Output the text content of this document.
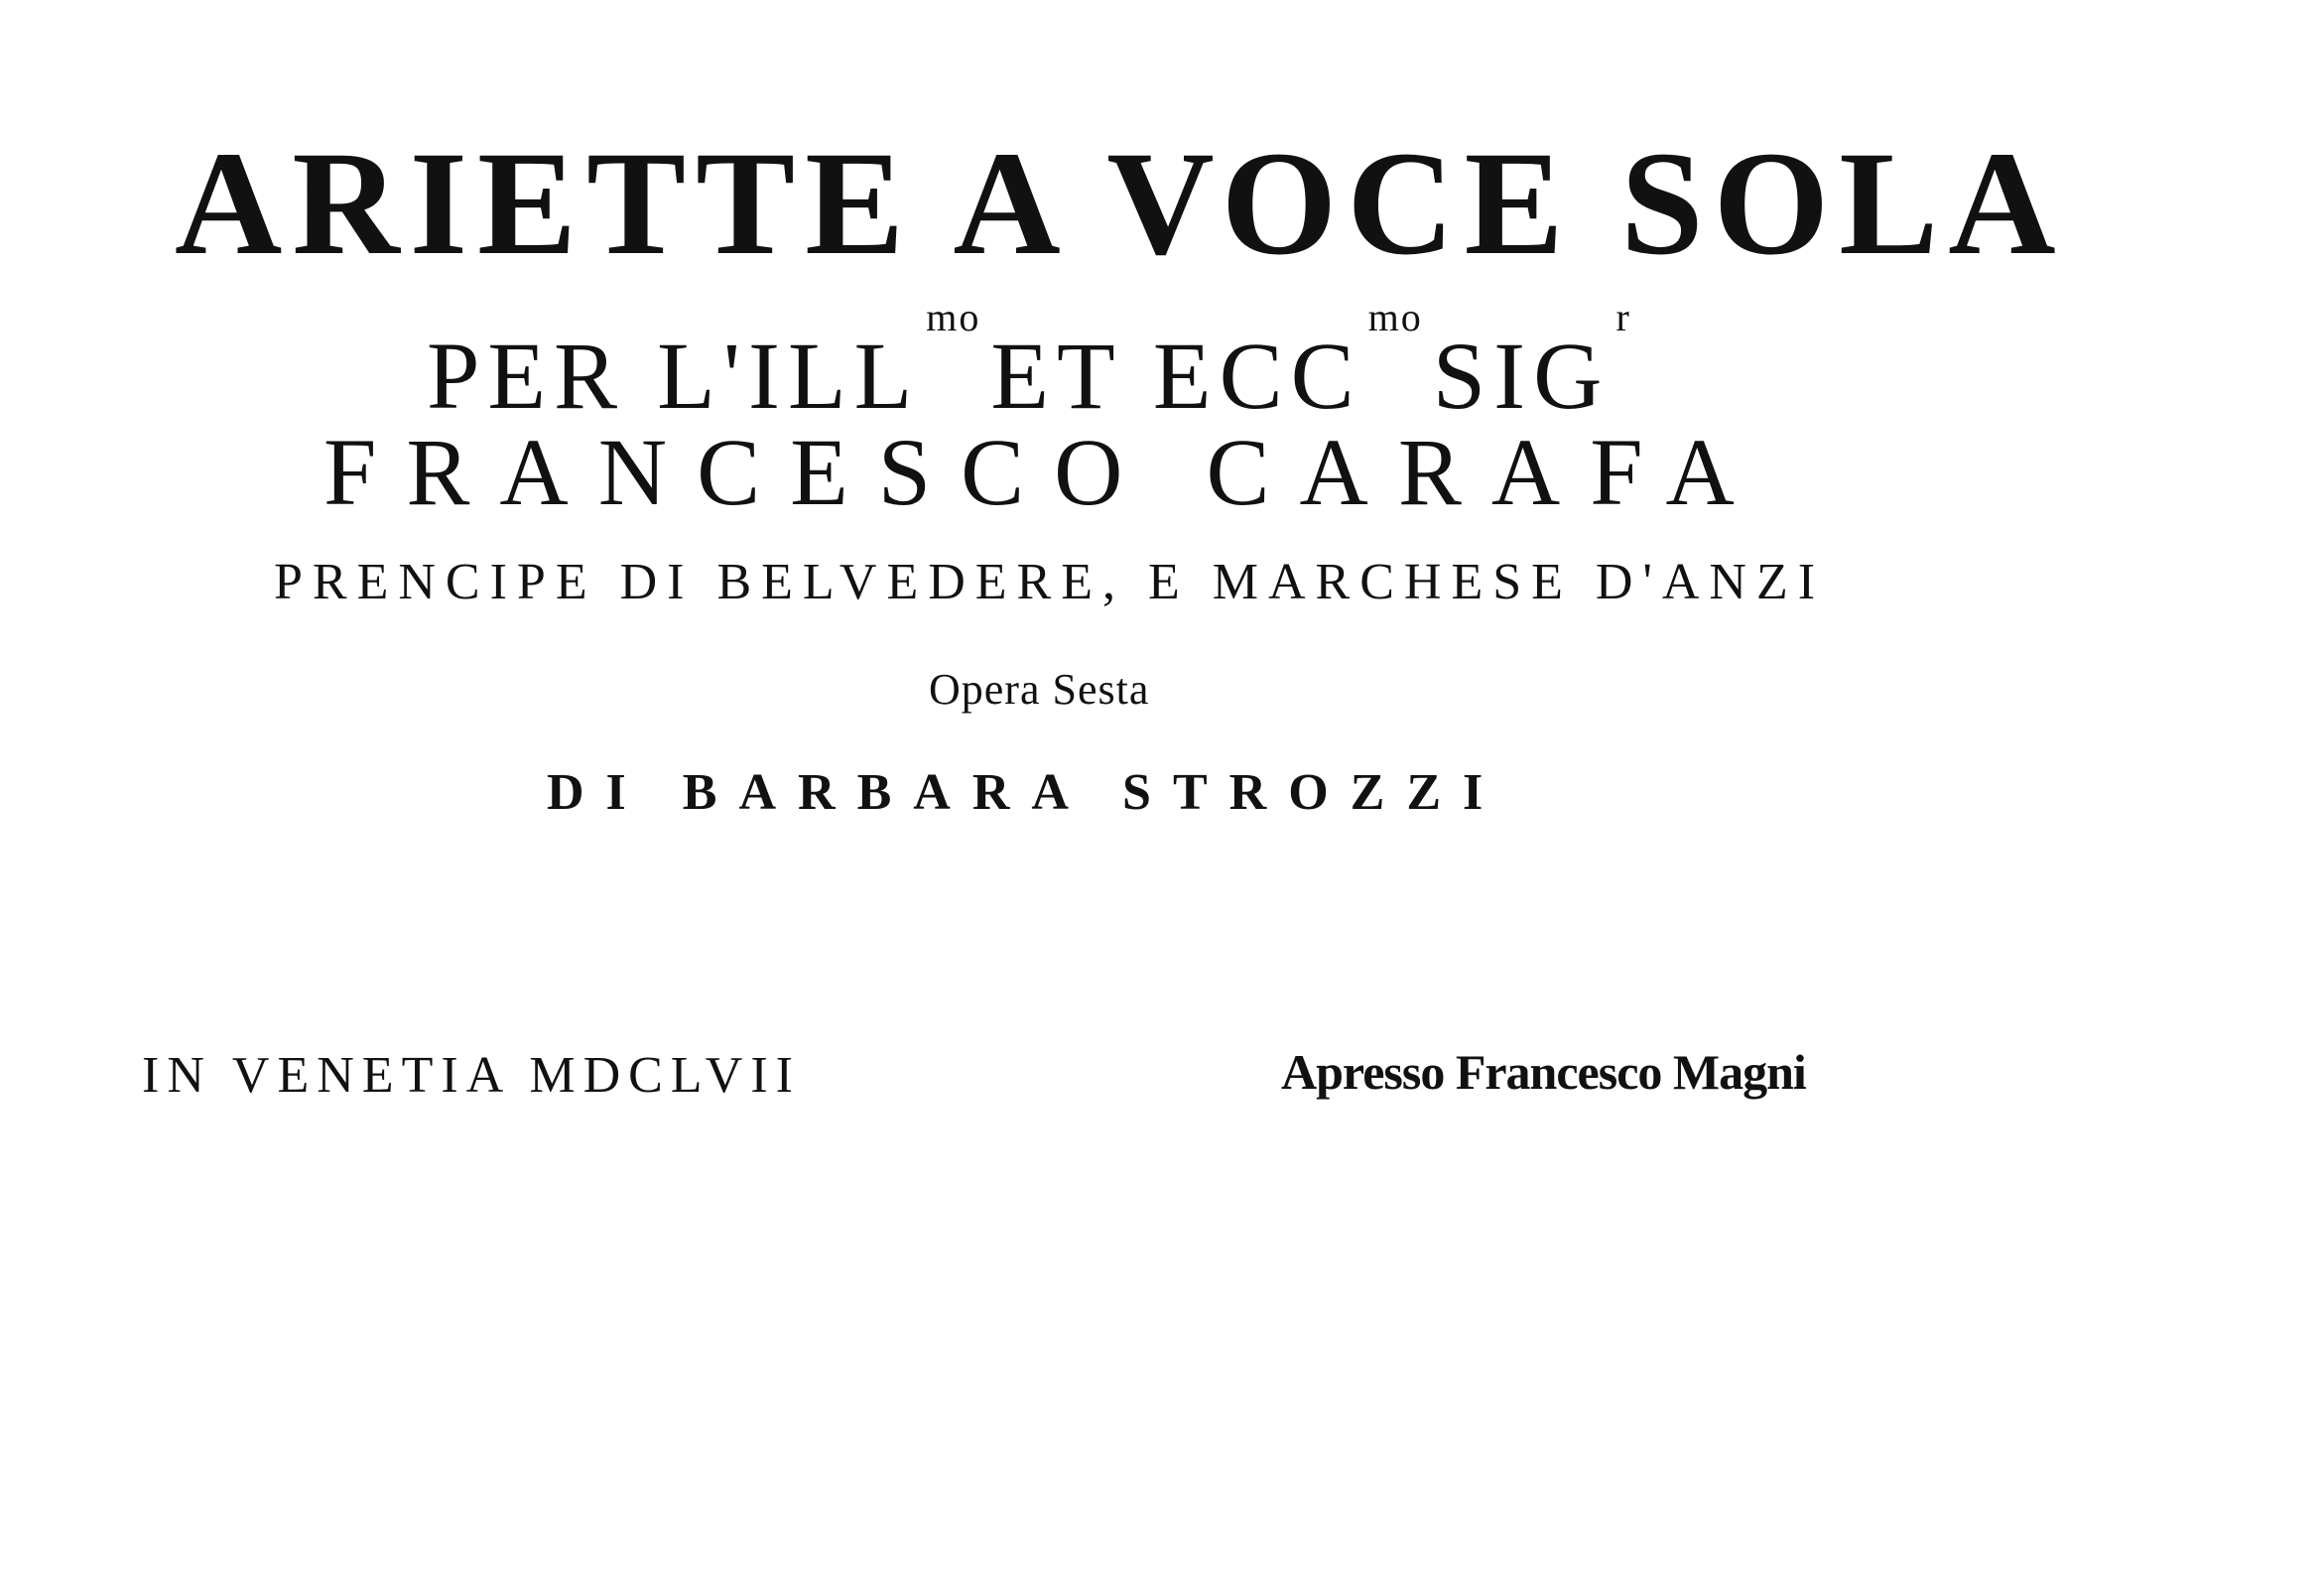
ARIETTE A VOCE SOLA
PER $L'ILL^{mo}ET$ $ECC^{mo}SIG^r$
FRANCESCO CARAFA
PRENCIPE DI BELVEDERE, E MARCHESE D'ANZI
Opera Sesta
DI BARBARA STROZZI
IN VENETIA MDCLVII	Apresso Francesco Magni
